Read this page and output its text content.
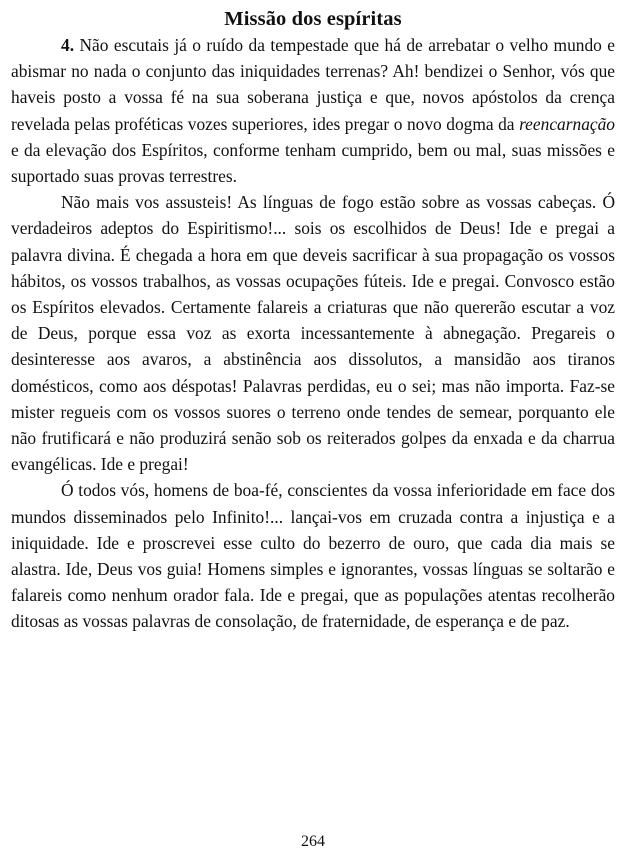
Missão dos espíritas

4. Não escutais já o ruído da tempestade que há de arrebatar o velho mundo e abismar no nada o conjunto das iniquidades terrenas? Ah! bendizei o Senhor, vós que haveis posto a vossa fé na sua soberana justiça e que, novos apóstolos da crença revelada pelas proféticas vozes superiores, ides pregar o novo dogma da reencarnação e da elevação dos Espíritos, conforme tenham cumprido, bem ou mal, suas missões e suportado suas provas terrestres.

Não mais vos assusteis! As línguas de fogo estão sobre as vossas cabeças. Ó verdadeiros adeptos do Espiritismo!... sois os escolhidos de Deus! Ide e pregai a palavra divina. É chegada a hora em que deveis sacrificar à sua propagação os vossos hábitos, os vossos trabalhos, as vossas ocupações fúteis. Ide e pregai. Convosco estão os Espíritos elevados. Certamente falareis a criaturas que não quererão escutar a voz de Deus, porque essa voz as exorta incessantemente à abnegação. Pregareis o desinteresse aos avaros, a abstinência aos dissolutos, a mansidão aos tiranos domésticos, como aos déspotas! Palavras perdidas, eu o sei; mas não importa. Faz-se mister regueis com os vossos suores o terreno onde tendes de semear, porquanto ele não frutificará e não produzirá senão sob os reiterados golpes da enxada e da charrua evangélicas. Ide e pregai!

Ó todos vós, homens de boa-fé, conscientes da vossa inferioridade em face dos mundos disseminados pelo Infinito!... lançai-vos em cruzada contra a injustiça e a iniquidade. Ide e proscrevei esse culto do bezerro de ouro, que cada dia mais se alastra. Ide, Deus vos guia! Homens simples e ignorantes, vossas línguas se soltarão e falareis como nenhum orador fala. Ide e pregai, que as populações atentas recolherão ditosas as vossas palavras de consolação, de fraternidade, de esperança e de paz.

264
